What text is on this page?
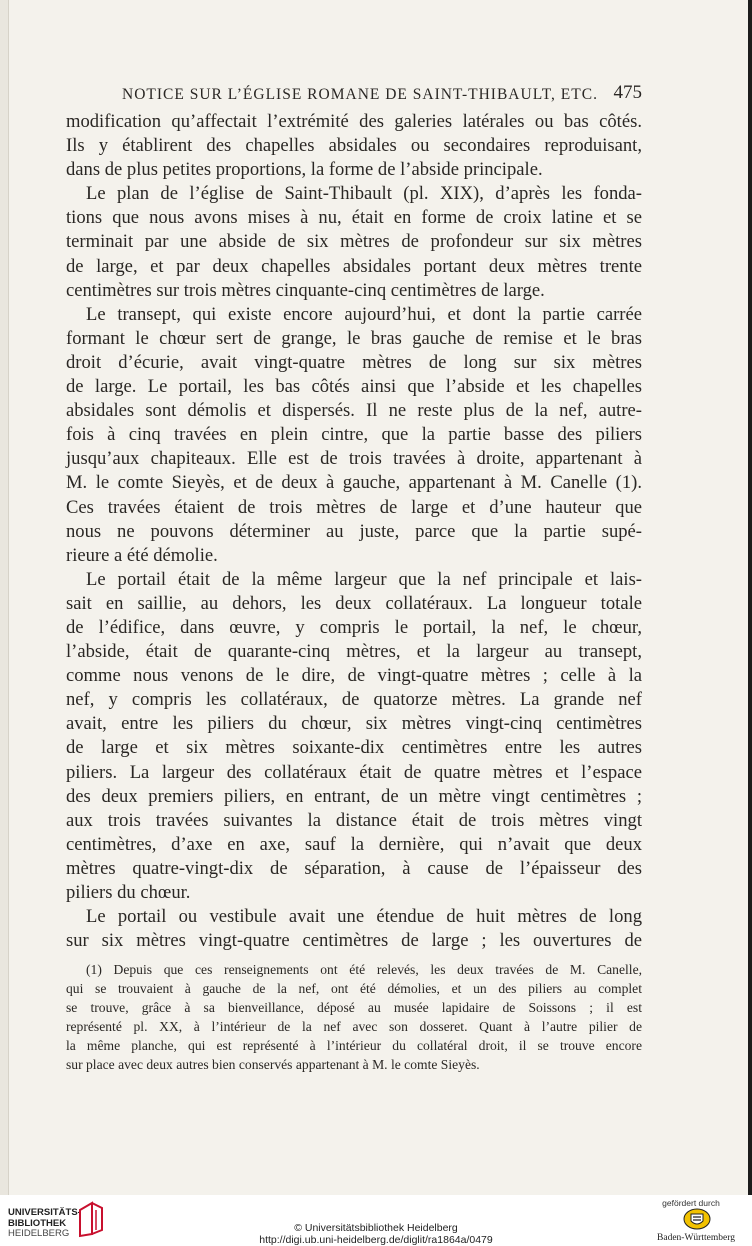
NOTICE SUR L’ÉGLISE ROMANE DE SAINT-THIBAULT, ETC. 475
modification qu’affectait l’extrémité des galeries latérales ou bas côtés.
Ils y établirent des chapelles absidales ou secondaires reproduisant,
dans de plus petites proportions, la forme de l’abside principale.
Le plan de l’église de Saint-Thibault (pl. XIX), d’après les fonda-
tions que nous avons mises à nu, était en forme de croix latine et se
terminait par une abside de six mètres de profondeur sur six mètres
de large, et par deux chapelles absidales portant deux mètres trente
centimètres sur trois mètres cinquante-cinq centimètres de large.
Le transept, qui existe encore aujourd’hui, et dont la partie carrée
formant le chœur sert de grange, le bras gauche de remise et le bras
droit d’écurie, avait vingt-quatre mètres de long sur six mètres
de large. Le portail, les bas côtés ainsi que l’abside et les chapelles
absidales sont démolis et dispersés. Il ne reste plus de la nef, autre-
fois à cinq travées en plein cintre, que la partie basse des piliers
jusqu’aux chapiteaux. Elle est de trois travées à droite, appartenant à
M. le comte Sieyès, et de deux à gauche, appartenant à M. Canelle (1).
Ces travées étaient de trois mètres de large et d’une hauteur que
nous ne pouvons déterminer au juste, parce que la partie supé-
rieure a été démolie.
Le portail était de la même largeur que la nef principale et lais-
sait en saillie, au dehors, les deux collatéraux. La longueur totale
de l’édifice, dans œuvre, y compris le portail, la nef, le chœur,
l’abside, était de quarante-cinq mètres, et la largeur au transept,
comme nous venons de le dire, de vingt-quatre mètres ; celle à la
nef, y compris les collatéraux, de quatorze mètres. La grande nef
avait, entre les piliers du chœur, six mètres vingt-cinq centimètres
de large et six mètres soixante-dix centimètres entre les autres
piliers. La largeur des collatéraux était de quatre mètres et l’espace
des deux premiers piliers, en entrant, de un mètre vingt centimètres ;
aux trois travées suivantes la distance était de trois mètres vingt
centimètres, d’axe en axe, sauf la dernière, qui n’avait que deux
mètres quatre-vingt-dix de séparation, à cause de l’épaisseur des
piliers du chœur.
Le portail ou vestibule avait une étendue de huit mètres de long
sur six mètres vingt-quatre centimètres de large ; les ouvertures de
(1) Depuis que ces renseignements ont été relevés, les deux travées de M. Canelle,
qui se trouvaient à gauche de la nef, ont été démolies, et un des piliers au complet
se trouve, grâce à sa bienveillance, déposé au musée lapidaire de Soissons ; il est
représenté pl. XX, à l’intérieur de la nef avec son dosseret. Quant à l’autre pilier de
la même planche, qui est représenté à l’intérieur du collatéral droit, il se trouve encore
sur place avec deux autres bien conservés appartenant à M. le comte Sieyès.
UNIVERSITÄTS-
BIBLIOTHEK
HEIDELBERG	© Universitätsbibliothek Heidelberg
http://digi.ub.uni-heidelberg.de/diglit/ra1864a/0479
gefördert durch
Baden-Württemberg
